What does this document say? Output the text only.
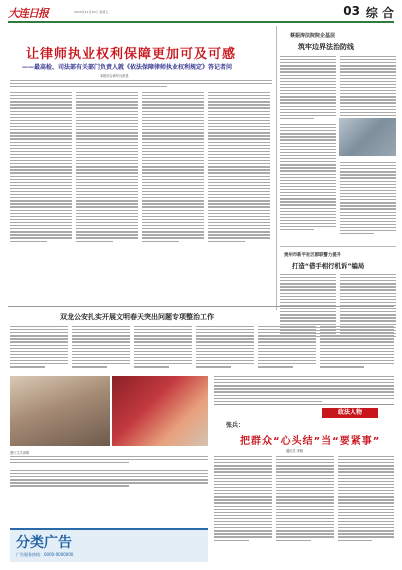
大连日报	2024年11月15日 星期五	03 综 合
让律师执业权利保障更加可及可感
——最高检、司法部有关部门负责人就《依法保障律师执业权利规定》答记者问
本报综合新华社消息
蔡振涛法院院企基层
筑牢边界法治防线
贵州市新平社区群联警力提升
打造“借手相行机诉”编局
双龙公安扎实开展文明春天突出问题专项整治工作
图片文字说明
政法人物
张兵：
把群众“心头结”当“要紧事”
通讯员 李晓
分类广告
广告服务热线：0000-0000000
